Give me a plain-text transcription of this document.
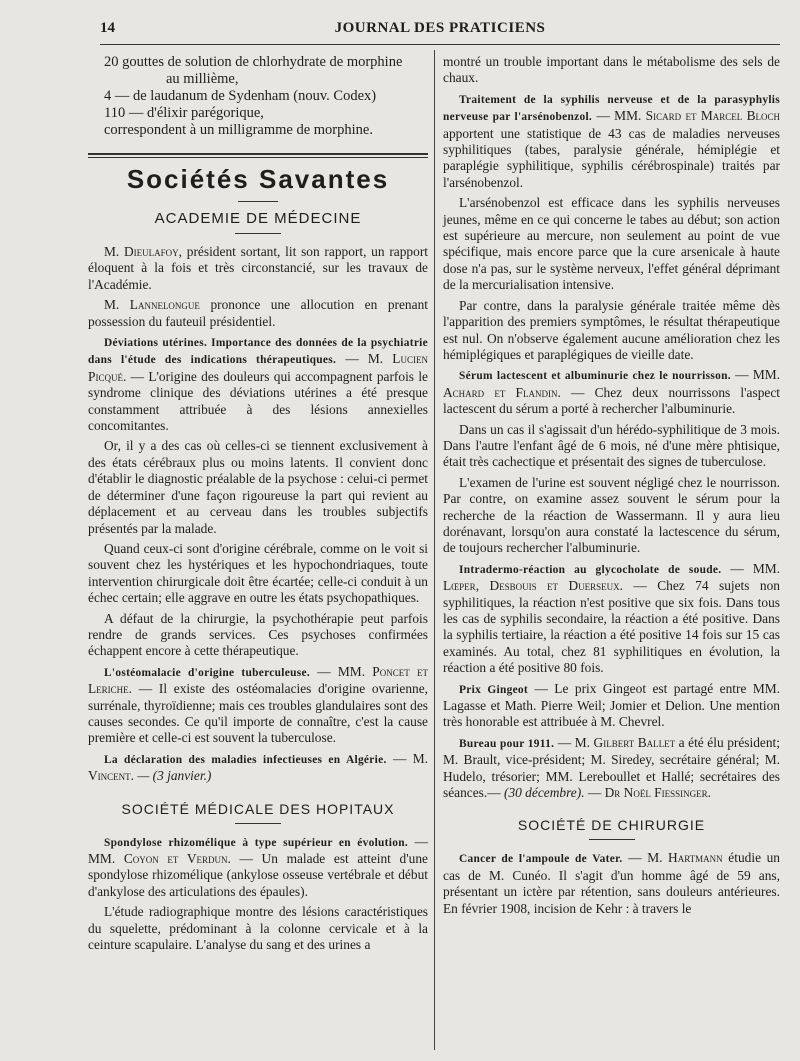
14	JOURNAL DES PRATICIENS

20 gouttes de solution de chlorhydrate de morphine

au millième,

4 — de laudanum de Sydenham (nouv. Codex)

110 — d'élixir parégorique,

correspondent à un milligramme de morphine.

Sociétés Savantes
ACADEMIE DE MÉDECINE

M. Dieulafoy, président sortant, lit son rapport, un rapport éloquent à la fois et très circonstancié, sur les travaux de l'Académie.

M. Lannelongue prononce une allocution en prenant possession du fauteuil présidentiel.

Déviations utérines. Importance des données de la psychiatrie dans l'étude des indications thérapeutiques. — M. Lucien Picqué. — L'origine des douleurs qui accompagnent parfois le syndrome clinique des déviations utérines a été presque constamment attribuée à des lésions annexielles concomitantes.

Or, il y a des cas où celles-ci se tiennent exclusivement à des états cérébraux plus ou moins latents. Il convient donc d'établir le diagnostic préalable de la psychose : celui-ci permet de déterminer d'une façon rigoureuse la part qui revient au déplacement et au cerveau dans les troubles subjectifs présentés par la malade.

Quand ceux-ci sont d'origine cérébrale, comme on le voit si souvent chez les hystériques et les hypochondriaques, toute intervention chirurgicale doit être écartée; celle-ci conduit à un échec certain; elle aggrave en outre les états psychopathiques.

A défaut de la chirurgie, la psychothérapie peut parfois rendre de grands services. Ces psychoses confirmées échappent encore à cette thérapeutique.

L'ostéomalacie d'origine tuberculeuse. — MM. Poncet et Leriche. — Il existe des ostéomalacies d'origine ovarienne, surrénale, thyroïdienne; mais ces troubles glandulaires sont des causes secondes. Ce qu'il importe de connaître, c'est la cause première et celle-ci est souvent la tuberculose.

La déclaration des maladies infectieuses en Algérie. — M. Vincent. — (3 janvier.)

SOCIÉTÉ MÉDICALE DES HOPITAUX

Spondylose rhizomélique à type supérieur en évolution. — MM. Coyon et Verdun. — Un malade est atteint d'une spondylose rhizomélique (ankylose osseuse vertébrale et début d'ankylose des articulations des épaules).

L'étude radiographique montre des lésions caractéristiques du squelette, prédominant à la colonne cervicale et à la ceinture scapulaire. L'analyse du sang et des urines a

montré un trouble important dans le métabolisme des sels de chaux.

Traitement de la syphilis nerveuse et de la parasyphylis nerveuse par l'arsénobenzol. — MM. Sicard et Marcel Bloch apportent une statistique de 43 cas de maladies nerveuses syphilitiques (tabes, paralysie générale, hémiplégie et paraplégie syphilitique, syphilis cérébrospinale) traités par l'arsénobenzol.

L'arsénobenzol est efficace dans les syphilis nerveuses jeunes, même en ce qui concerne le tabes au début; son action est supérieure au mercure, non seulement au point de vue spécifique, mais encore parce que la cure arsenicale à haute dose n'a pas, sur le système nerveux, l'effet général déprimant de la mercurialisation intensive.

Par contre, dans la paralysie générale traitée même dès l'apparition des premiers symptômes, le résultat thérapeutique est nul. On n'observe également aucune amélioration chez les hémiplégiques et paraplégiques de vieille date.

Sérum lactescent et albuminurie chez le nourrisson. — MM. Achard et Flandin. — Chez deux nourrissons l'aspect lactescent du sérum a porté à rechercher l'albuminurie.

Dans un cas il s'agissait d'un hérédo-syphilitique de 3 mois. Dans l'autre l'enfant âgé de 6 mois, né d'une mère phtisique, était très cachectique et présentait des signes de tuberculose.

L'examen de l'urine est souvent négligé chez le nourrisson. Par contre, on examine assez souvent le sérum pour la recherche de la réaction de Wassermann. Il y aura lieu dorénavant, lorsqu'on aura constaté la lactescence du sérum, de toujours rechercher l'albuminurie.

Intradermo-réaction au glycocholate de soude. — MM. Lœper, Desbouis et Duerseux. — Chez 74 sujets non syphilitiques, la réaction n'est positive que six fois. Dans tous les cas de syphilis secondaire, la réaction a été positive. Dans la syphilis tertiaire, la réaction a été positive 14 fois sur 15 cas examinés. Au total, chez 81 syphilitiques en évolution, la réaction a été positive 80 fois.

Prix Gingeot — Le prix Gingeot est partagé entre MM. Lagasse et Math. Pierre Weil; Jomier et Delion. Une mention très honorable est attribuée à M. Chevrel.

Bureau pour 1911. — M. Gilbert Ballet a été élu président; M. Brault, vice-président; M. Siredey, secrétaire général; M. Hudelo, trésorier; MM. Lereboullet et Hallé; secrétaires des séances.— (30 décembre). — Dr Noël Fiessinger.

SOCIÉTÉ DE CHIRURGIE

Cancer de l'ampoule de Vater. — M. Hartmann étudie un cas de M. Cunéo. Il s'agit d'un homme âgé de 59 ans, présentant un ictère par rétention, sans douleurs antérieures. En février 1908, incision de Kehr : à travers le
